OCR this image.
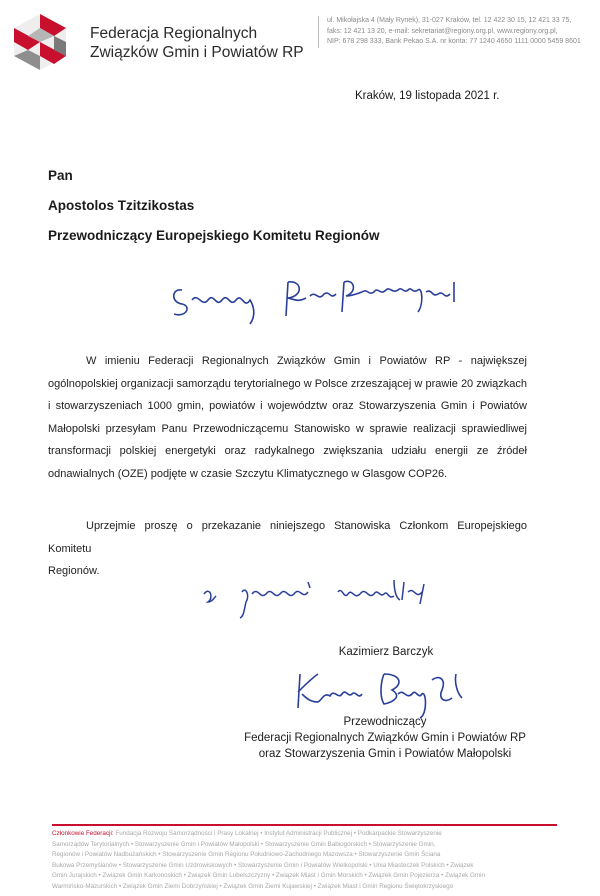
Federacja Regionalnych
Związków Gmin i Powiatów RP
ul. Mikołajska 4 (Mały Rynek), 31-027 Kraków, tel. 12 422 30 15, 12 421 33 75,
faks: 12 421 13 20, e-mail: sekretariat@regiony.org.pl, www.regiony.org.pl,
NIP: 678 298 333, Bank Pekao S.A. nr konta: 77 1240 4650 1111 0000 5459 8601
Kraków, 19 listopada 2021 r.
Pan
Apostolos Tzitzikostas
Przewodniczący Europejskiego Komitetu Regionów
W imieniu Federacji Regionalnych Związków Gmin i Powiatów RP - największej
ogólnopolskiej organizacji samorządu terytorialnego w Polsce zrzeszającej w prawie 20 związkach
i stowarzyszeniach 1000 gmin, powiatów i województw oraz Stowarzyszenia Gmin i Powiatów
Małopolski przesyłam Panu Przewodniczącemu Stanowisko w sprawie realizacji sprawiedliwej
transformacji polskiej energetyki oraz radykalnego zwiększania udziału energii ze źródeł
odnawialnych (OZE) podjęte w czasie Szczytu Klimatycznego w Glasgow COP26.
Uprzejmie proszę o przekazanie niniejszego Stanowiska Członkom Europejskiego Komitetu
Regionów.
Kazimierz Barczyk
Przewodniczący
Federacji Regionalnych Związków Gmin i Powiatów RP
oraz Stowarzyszenia Gmin i Powiatów Małopolski
Członkowie Federacji: Fundacja Rozwoju Samorządności i Prasy Lokalnej • Instytut Administracji Publicznej • Podkarpackie Stowarzyszenie
Samorządów Terytorialnych • Stowarzyszenie Gmin i Powiatów Małopolski • Stowarzyszenie Gmin Babiogórskich • Stowarzyszenie Gmin,
Regionów i Powiatów Nadbużańskich • Stowarzyszenie Gmin Regionu Południowo-Zachodniego Mazowsza • Stowarzyszenie Gmin Ściana
Bukowa Przemyślanów • Stowarzyszenie Gmin Uzdrowiskowych • Stowarzyszenie Gmin i Powiatów Wielkopolski • Unia Miasteczek Polskich • Związek
Gmin Jurajskich • Związek Gmin Karkonoskich • Związek Gmin Lubelszczyzny • Związek Miast i Gmin Morskich • Związek Gmin Pojezierza • Związek Gmin
Warmińsko-Mazurskich • Związek Gmin Ziemi Dobrzyńskiej • Związek Gmin Ziemi Kujawskiej • Związek Miast i Gmin Regionu Świętokrzyskiego
